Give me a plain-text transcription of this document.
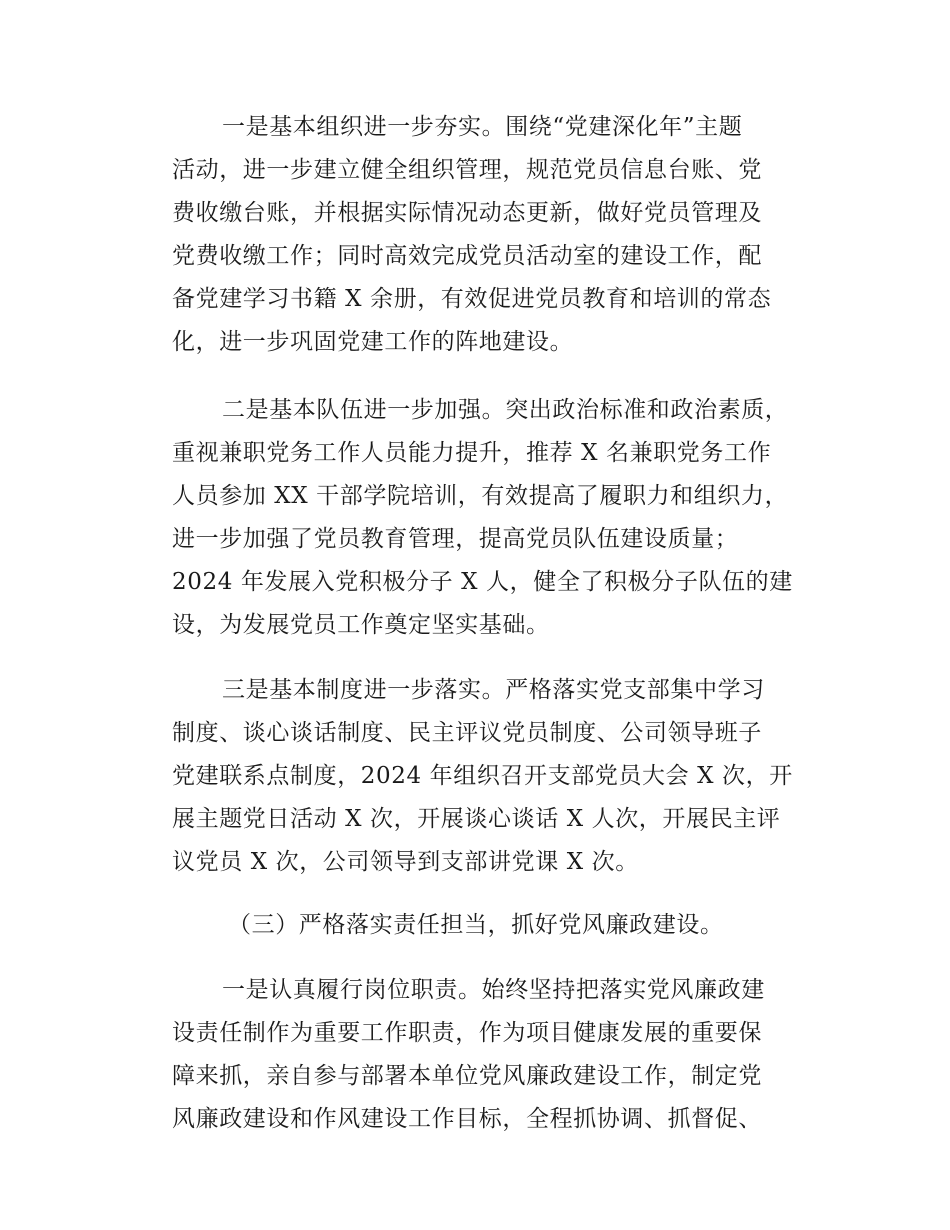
一是基本组织进一步夯实。围绕“党建深化年”主题
活动，进一步建立健全组织管理，规范党员信息台账、党
费收缴台账，并根据实际情况动态更新，做好党员管理及
党费收缴工作；同时高效完成党员活动室的建设工作，配
备党建学习书籍 X 余册，有效促进党员教育和培训的常态
化，进一步巩固党建工作的阵地建设。
二是基本队伍进一步加强。突出政治标准和政治素质，
重视兼职党务工作人员能力提升，推荐 X 名兼职党务工作
人员参加 XX 干部学院培训，有效提高了履职力和组织力，
进一步加强了党员教育管理，提高党员队伍建设质量；
2024 年发展入党积极分子 X 人，健全了积极分子队伍的建
设，为发展党员工作奠定坚实基础。
三是基本制度进一步落实。严格落实党支部集中学习
制度、谈心谈话制度、民主评议党员制度、公司领导班子
党建联系点制度，2024 年组织召开支部党员大会 X 次，开
展主题党日活动 X 次，开展谈心谈话 X 人次，开展民主评
议党员 X 次，公司领导到支部讲党课 X 次。
（三）严格落实责任担当，抓好党风廉政建设。
一是认真履行岗位职责。始终坚持把落实党风廉政建
设责任制作为重要工作职责，作为项目健康发展的重要保
障来抓，亲自参与部署本单位党风廉政建设工作，制定党
风廉政建设和作风建设工作目标，全程抓协调、抓督促、
